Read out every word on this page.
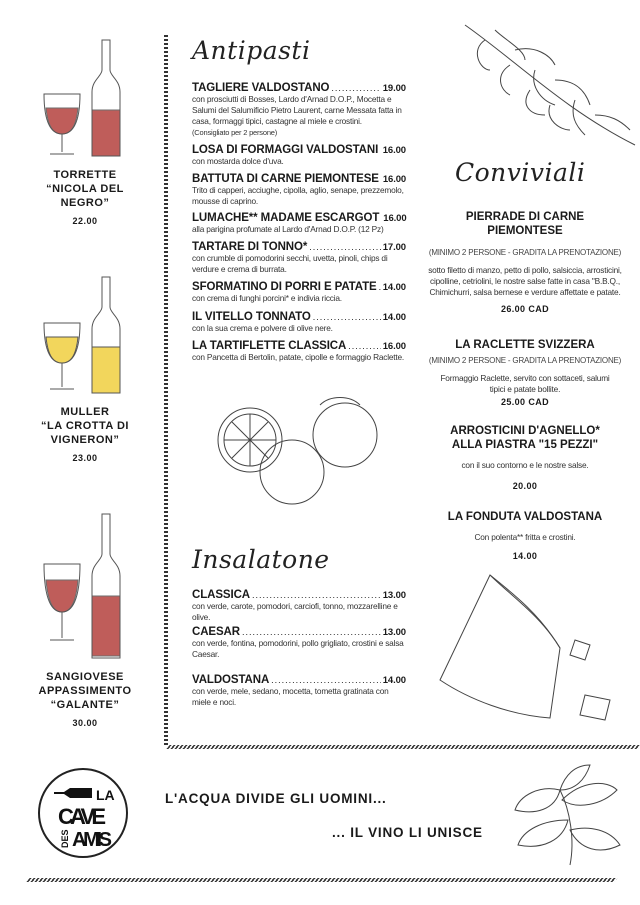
TORRETTE
“NICOLA DEL
NEGRO”
22.00
MULLER
“LA CROTTA DI
VIGNERON”
23.00
SANGIOVESE
APPASSIMENTO
“GALANTE”
30.00
Antipasti
TAGLIERE VALDOSTANO .....	19.00
con prosciutti di Bosses, Lardo d'Arnad D.O.P., Mocetta e Salumi del Salumificio Pietro Laurent, carne Messata fatta in casa, formaggi tipici, castagne al miele e crostini.
(Consigliato per 2 persone)
LOSA DI FORMAGGI VALDOSTANI ..... 16.00
con mostarda dolce d'uva.
BATTUTA DI CARNE PIEMONTESE 16.00
Trito di capperi, acciughe, cipolla, aglio, senape, prezzemolo, mousse di caprino.
LUMACHE** MADAME ESCARGOT 16.00
alla parigina profumate al Lardo d'Arnad D.O.P. (12 Pz)
TARTARE DI TONNO* .....	17.00
con crumble di pomodorini secchi, uvetta, pinoli, chips di verdure e crema di burrata.
SFORMATINO DI PORRI E PATATE ..... 14.00
con crema di funghi porcini* e indivia riccia.
IL VITELLO TONNATO .....	14.00
con la sua crema e polvere di olive nere.
LA TARTIFLETTE CLASSICA .....	16.00
con Pancetta di Bertolin, patate, cipolle e formaggio Raclette.
Insalatone
CLASSICA .....	13.00
con verde, carote, pomodori, carciofi, tonno, mozzarelline e olive.
CAESAR .....	13.00
con verde, fontina, pomodorini, pollo grigliato, crostini e salsa Caesar.
VALDOSTANA .....	14.00
con verde, mele, sedano, mocetta, tometta gratinata con miele e noci.
Conviviali
PIERRADE DI CARNE PIEMONTESE
(MINIMO 2 PERSONE - GRADITA LA PRENOTAZIONE)
sotto filetto di manzo, petto di pollo, salsiccia, arrosticini, cipolline, cetriolini, le nostre salse fatte in casa "B.B.Q., Chimichurri, salsa bernese e verdure affettate e patate.
26.00 CAD
LA RACLETTE SVIZZERA
(MINIMO 2 PERSONE - GRADITA LA PRENOTAZIONE)
Formaggio Raclette, servito con sottaceti, salumi tipici e patate bollite.
25.00 CAD
ARROSTICINI D'AGNELLO* ALLA PIASTRA "15 PEZZI"
con il suo contorno e le nostre salse.
20.00
LA FONDUTA VALDOSTANA
Con polenta** fritta e crostini.
14.00
LA
CAVE
AMIS
DES
L'ACQUA DIVIDE GLI UOMINI...
... IL VINO LI UNISCE
